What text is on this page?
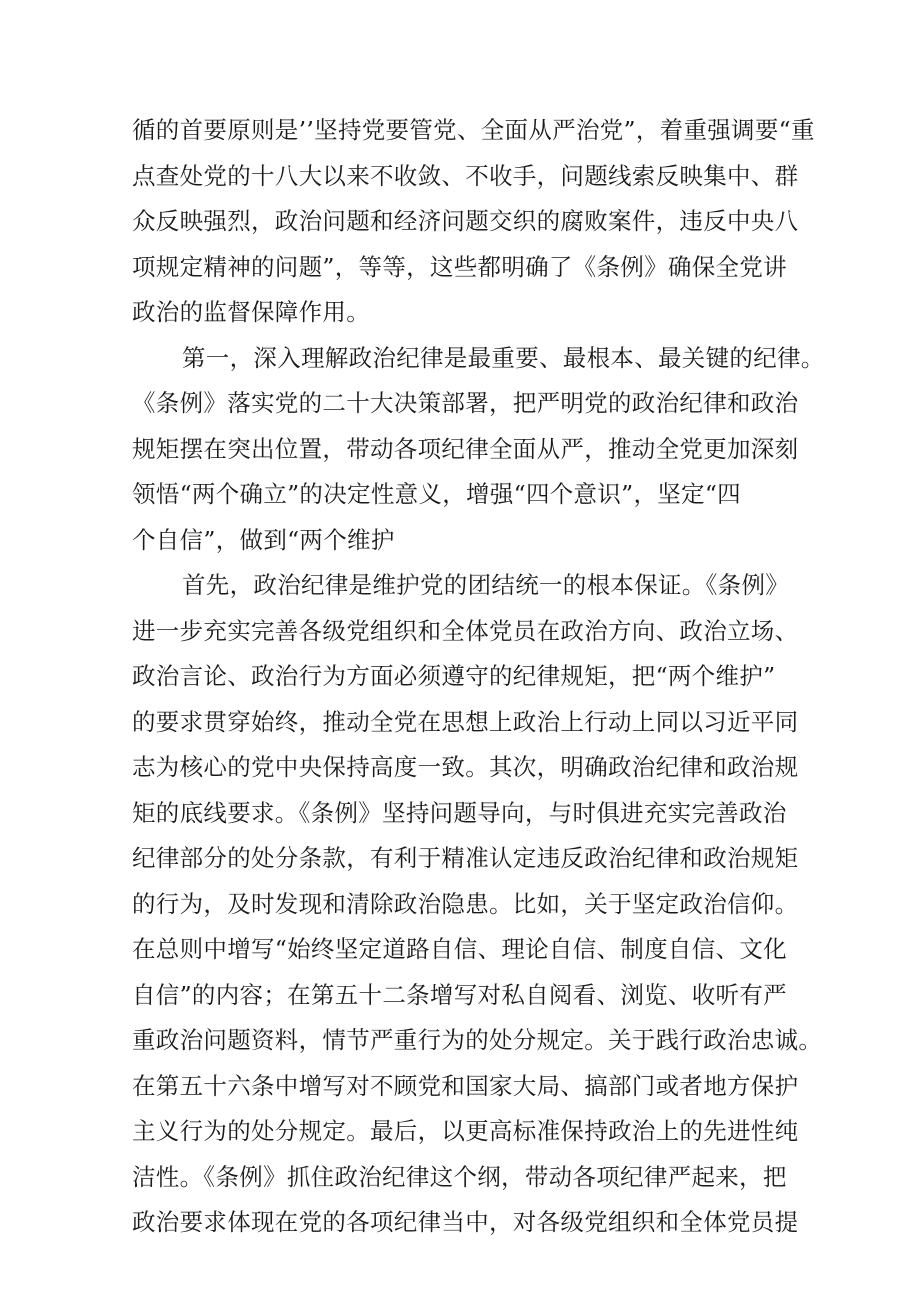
循的首要原则是’’坚持党要管党、全面从严治党”，着重强调要“重
点查处党的十八大以来不收敛、不收手，问题线索反映集中、群
众反映强烈，政治问题和经济问题交织的腐败案件，违反中央八
项规定精神的问题”，等等，这些都明确了《条例》确保全党讲
政治的监督保障作用。
第一，深入理解政治纪律是最重要、最根本、最关键的纪律。
《条例》落实党的二十大决策部署，把严明党的政治纪律和政治
规矩摆在突出位置，带动各项纪律全面从严，推动全党更加深刻
领悟“两个确立”的决定性意义，增强“四个意识”，坚定“四
个自信”，做到“两个维护
首先，政治纪律是维护党的团结统一的根本保证。《条例》
进一步充实完善各级党组织和全体党员在政治方向、政治立场、
政治言论、政治行为方面必须遵守的纪律规矩，把“两个维护”
的要求贯穿始终，推动全党在思想上政治上行动上同以习近平同
志为核心的党中央保持高度一致。其次，明确政治纪律和政治规
矩的底线要求。《条例》坚持问题导向，与时俱进充实完善政治
纪律部分的处分条款，有利于精准认定违反政治纪律和政治规矩
的行为，及时发现和清除政治隐患。比如，关于坚定政治信仰。
在总则中增写“始终坚定道路自信、理论自信、制度自信、文化
自信”的内容；在第五十二条增写对私自阅看、浏览、收听有严
重政治问题资料，情节严重行为的处分规定。关于践行政治忠诚。
在第五十六条中增写对不顾党和国家大局、搞部门或者地方保护
主义行为的处分规定。最后，以更高标准保持政治上的先进性纯
洁性。《条例》抓住政治纪律这个纲，带动各项纪律严起来，把
政治要求体现在党的各项纪律当中，对各级党组织和全体党员提
